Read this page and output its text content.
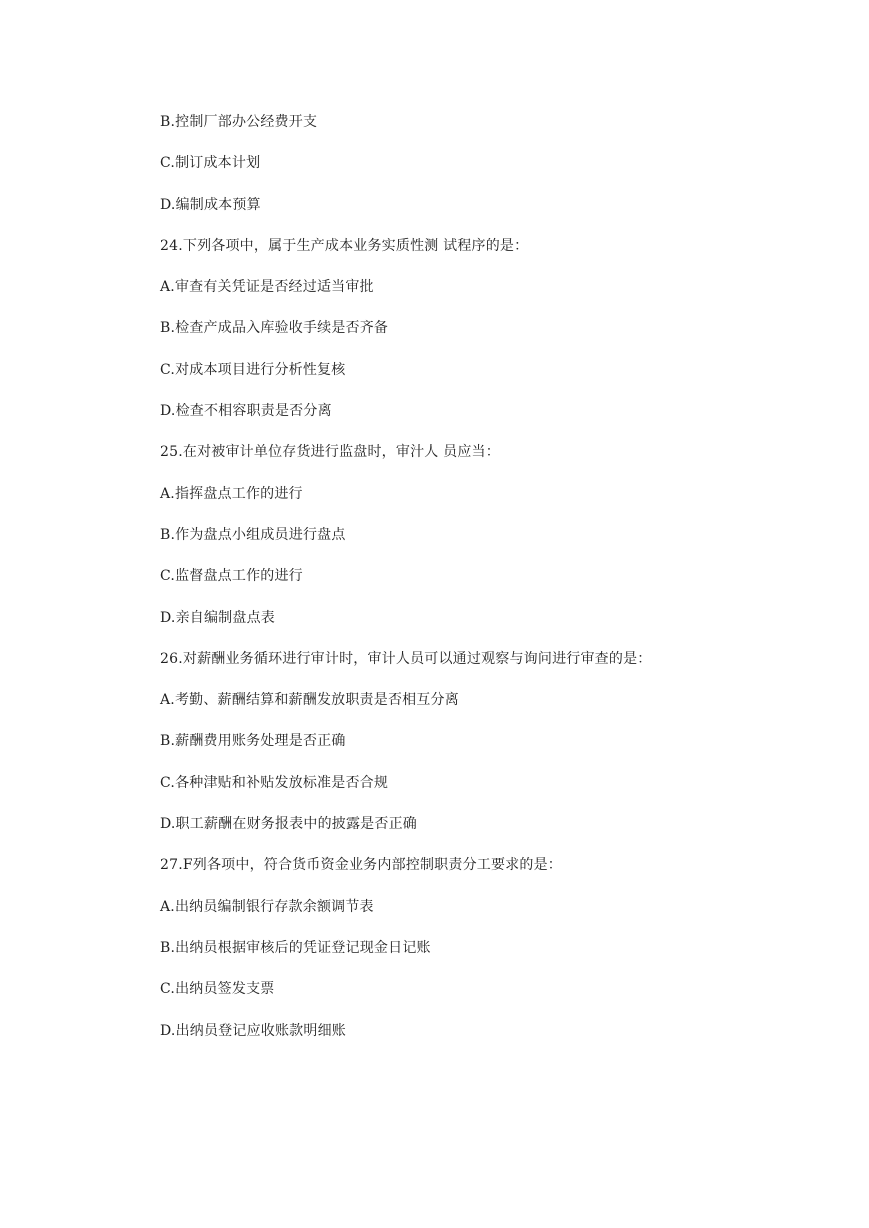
B.控制厂部办公经费开支
C.制订成本计划
D.编制成本预算
24.下列各项中，属于生产成本业务实质性测 试程序的是：
A.审查有关凭证是否经过适当审批
B.检查产成品入库验收手续是否齐备
C.对成本项目进行分析性复核
D.检查不相容职责是否分离
25.在对被审计单位存货进行监盘时，审汁人 员应当：
A.指挥盘点工作的进行
B.作为盘点小组成员进行盘点
C.监督盘点工作的进行
D.亲自编制盘点表
26.对薪酬业务循环进行审计时，审计人员可以通过观察与询问进行审查的是：
A.考勤、薪酬结算和薪酬发放职责是否相互分离
B.薪酬费用账务处理是否正确
C.各种津贴和补贴发放标准是否合规
D.职工薪酬在财务报表中的披露是否正确
27.F列各项中，符合货币资金业务内部控制职责分工要求的是：
A.出纳员编制银行存款余额调节表
B.出纳员根据审核后的凭证登记现金日记账
C.出纳员签发支票
D.出纳员登记应收账款明细账
